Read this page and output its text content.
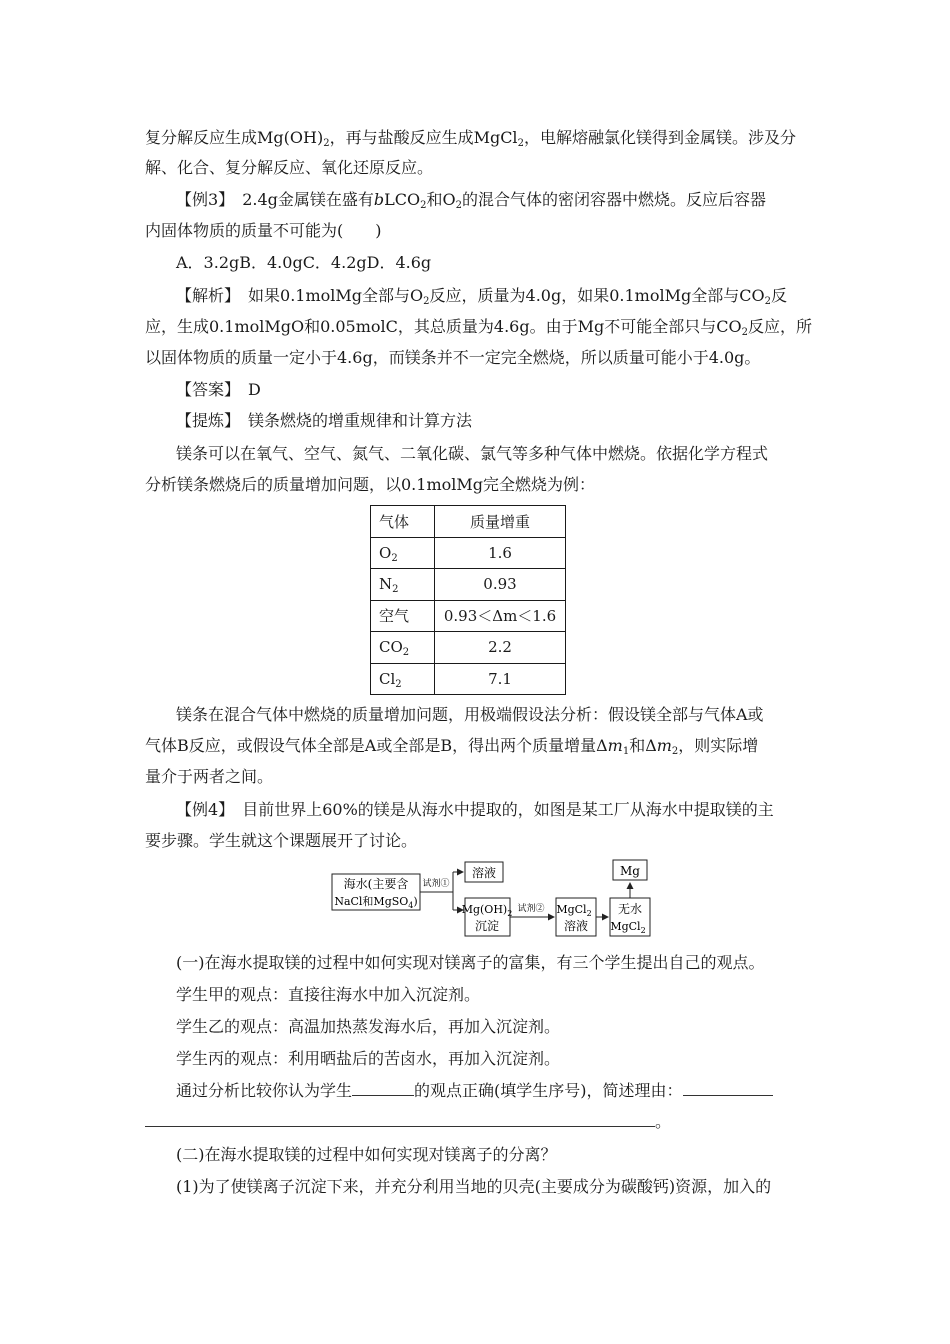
复分解反应生成$Mg(OH)_2$，再与盐酸反应生成MgCl$_2$，电解熔融氯化镁得到金属镁。涉及分
解、化合、复分解反应、氧化还原反应。
【例3】　 2.4g金属镁在盛有bLCO$_2$和$O_2$的混合气体的密闭容器中燃烧。反应后容器
内固体物质的质量不可能为(　　)
A．3.2gB．4.0gC．4.2gD．4.6g
【解析】　 如果0.1molMg全部与$O_2$反应，质量为4.0g，如果0.1molMg全部与$CO_2$反
应，生成0.1molMgO和0.05molC，其总质量为4.6g。由于Mg不可能全部只与$CO_2$反应，所
以固体物质的质量一定小于4.6g，而镁条并不一定完全燃烧，所以质量可能小于4.0g。
【答案】　 D
【提炼】　 镁条燃烧的增重规律和计算方法
镁条可以在氧气、空气、氮气、二氧化碳、氯气等多种气体中燃烧。依据化学方程式
分析镁条燃烧后的质量增加问题，以0.1molMg完全燃烧为例：
气体	质量增重
$O_2$	1.6
$N_2$	0.93
空气	0.93＜Δm＜1.6
$CO_2$	2.2
$Cl_2$	7.1
镁条在混合气体中燃烧的质量增加问题，用极端假设法分析：假设镁全部与气体A或
气体B反应，或假设气体全部是A或全部是B，得出两个质量增量$\Delta m_1$和$\Delta m_2$，则实际增
量介于两者之间。
【例4】　 目前世界上60%的镁是从海水中提取的，如图是某工厂从海水中提取镁的主
要步骤。学生就这个课题展开了讨论。
海水(主要含
NaCl和MgSO$_4$)
试剂①
溶液
$Mg(OH)_2$
沉淀
试剂② MgCl$_2$
溶液
无水
MgCl$_2$
Mg
(一)在海水提取镁的过程中如何实现对镁离子的富集，有三个学生提出自己的观点。
学生甲的观点：直接往海水中加入沉淀剂。
学生乙的观点：高温加热蒸发海水后，再加入沉淀剂。
学生丙的观点：利用晒盐后的苦卤水，再加入沉淀剂。
通过分析比较你认为学生	的观点正确(填学生序号)，简述理由：
。
(二)在海水提取镁的过程中如何实现对镁离子的分离？
(1)为了使镁离子沉淀下来，并充分利用当地的贝壳(主要成分为碳酸钙)资源，加入的
